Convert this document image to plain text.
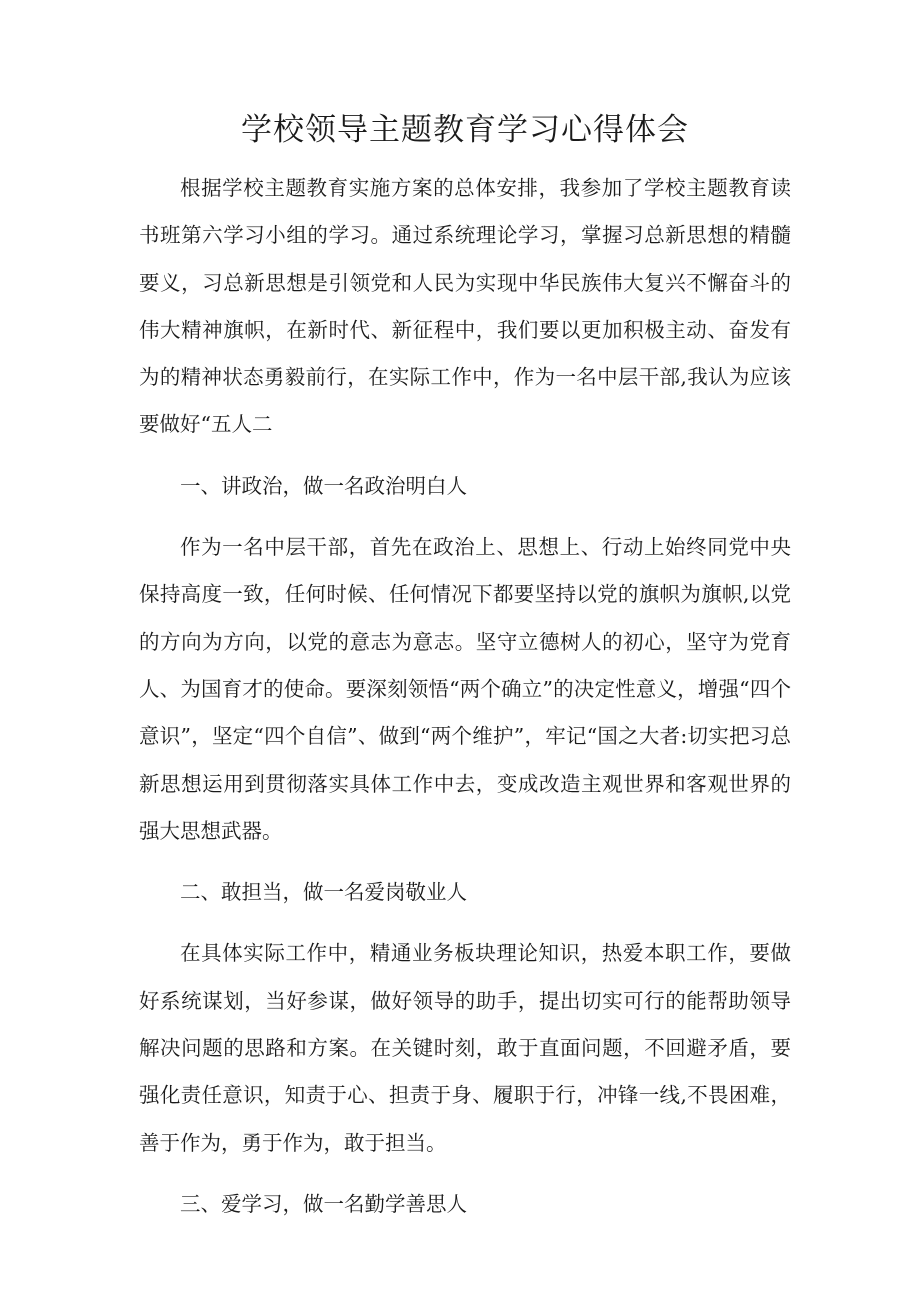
学校领导主题教育学习心得体会

根据学校主题教育实施方案的总体安排，我参加了学校主题教育读书班第六学习小组的学习。通过系统理论学习，掌握习总新思想的精髓要义，习总新思想是引领党和人民为实现中华民族伟大复兴不懈奋斗的伟大精神旗帜，在新时代、新征程中，我们要以更加积极主动、奋发有为的精神状态勇毅前行，在实际工作中，作为一名中层干部,我认为应该要做好“五人二

一、讲政治，做一名政治明白人

作为一名中层干部，首先在政治上、思想上、行动上始终同党中央保持高度一致，任何时候、任何情况下都要坚持以党的旗帜为旗帜,以党的方向为方向，以党的意志为意志。坚守立德树人的初心，坚守为党育人、为国育才的使命。要深刻领悟“两个确立”的决定性意义，增强“四个意识”，坚定“四个自信”、做到“两个维护”，牢记“国之大者:切实把习总新思想运用到贯彻落实具体工作中去，变成改造主观世界和客观世界的强大思想武器。

二、敢担当，做一名爱岗敬业人

在具体实际工作中，精通业务板块理论知识，热爱本职工作，要做好系统谋划，当好参谋，做好领导的助手，提出切实可行的能帮助领导解决问题的思路和方案。在关键时刻，敢于直面问题，不回避矛盾，要强化责任意识，知责于心、担责于身、履职于行，冲锋一线,不畏困难，善于作为，勇于作为，敢于担当。

三、爱学习，做一名勤学善思人
